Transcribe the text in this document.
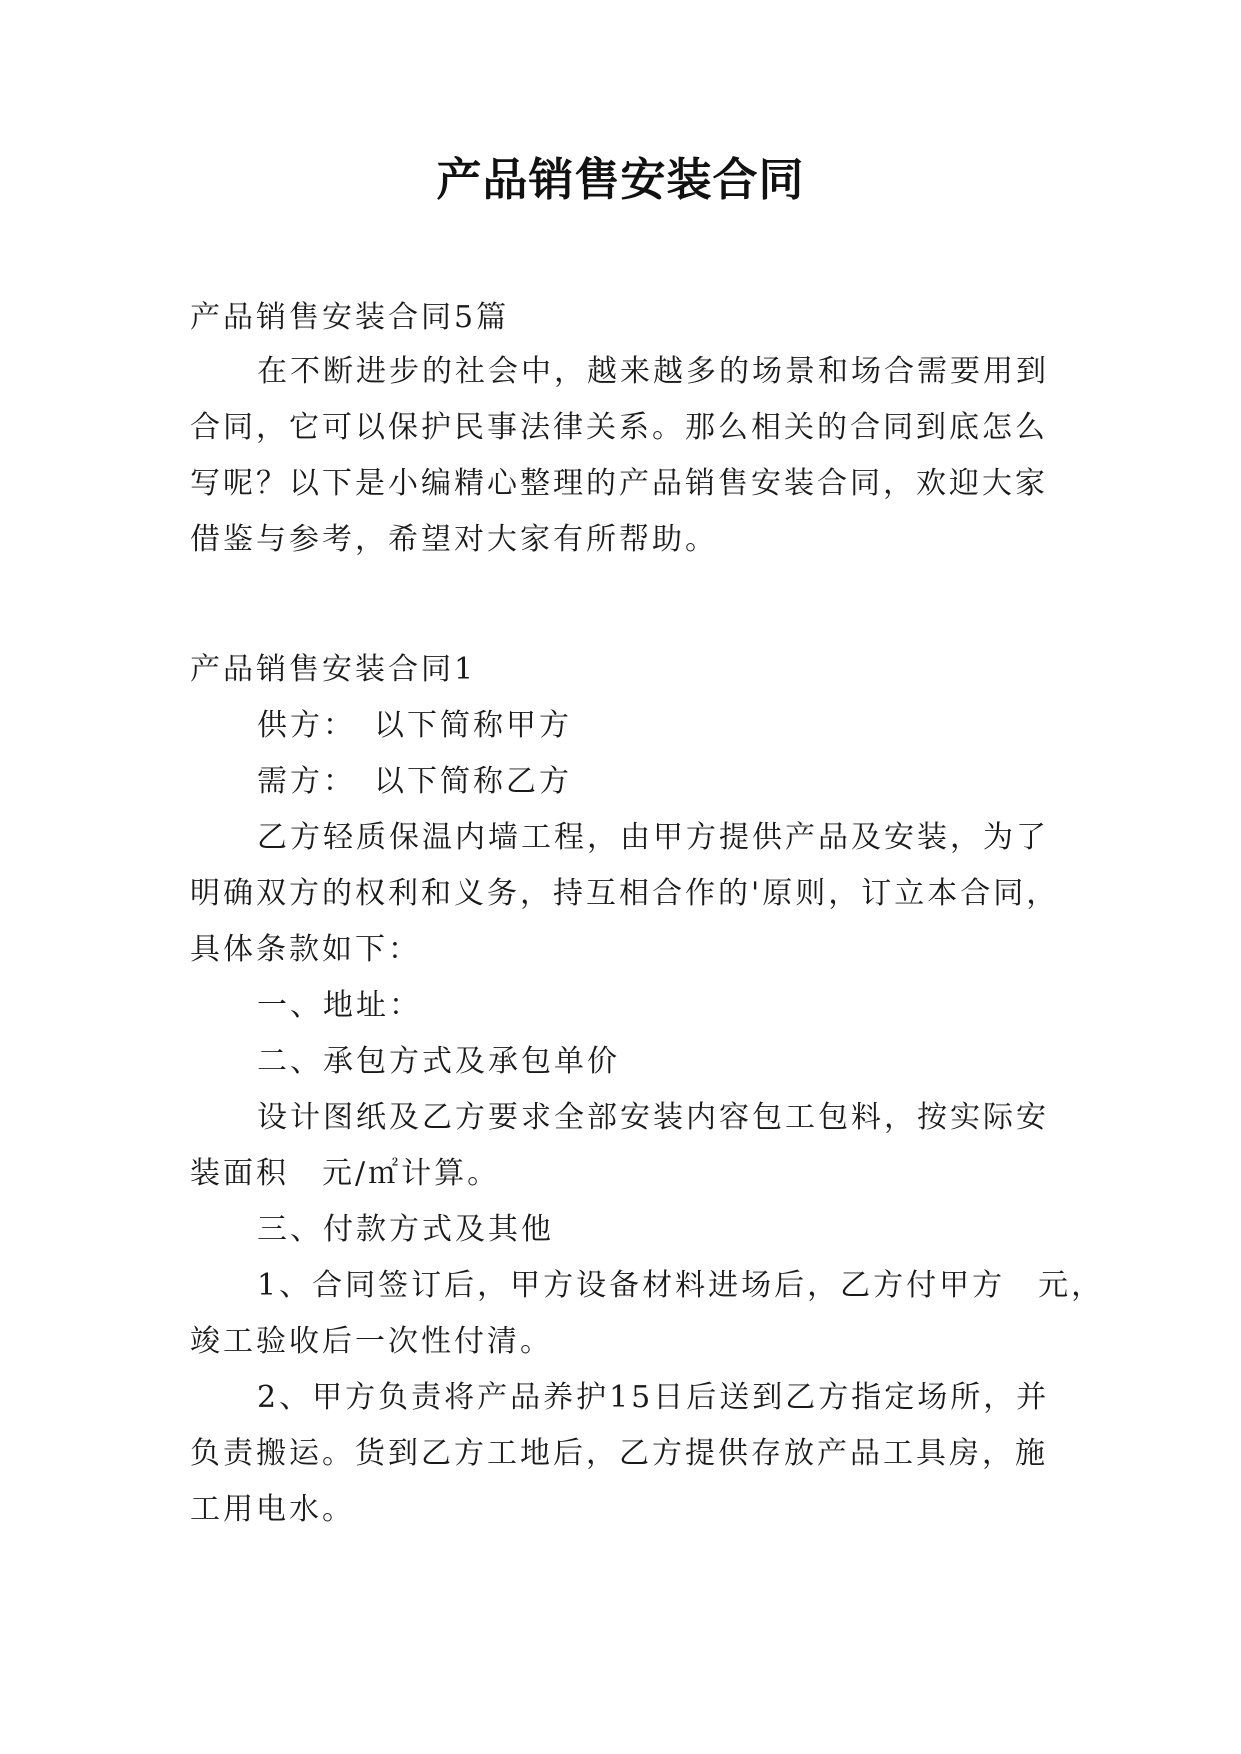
产品销售安装合同
产品销售安装合同5篇
在不断进步的社会中，越来越多的场景和场合需要用到
合同，它可以保护民事法律关系。那么相关的合同到底怎么
写呢？以下是小编精心整理的产品销售安装合同，欢迎大家
借鉴与参考，希望对大家有所帮助。
产品销售安装合同1
供方：　以下简称甲方
需方：　以下简称乙方
乙方轻质保温内墙工程，由甲方提供产品及安装，为了
明确双方的权利和义务，持互相合作的'原则，订立本合同，
具体条款如下：
一、地址：
二、承包方式及承包单价
设计图纸及乙方要求全部安装内容包工包料，按实际安
装面积　元/㎡计算。
三、付款方式及其他
1、合同签订后，甲方设备材料进场后，乙方付甲方　元，
竣工验收后一次性付清。
2、甲方负责将产品养护15日后送到乙方指定场所，并
负责搬运。货到乙方工地后，乙方提供存放产品工具房，施
工用电水。
